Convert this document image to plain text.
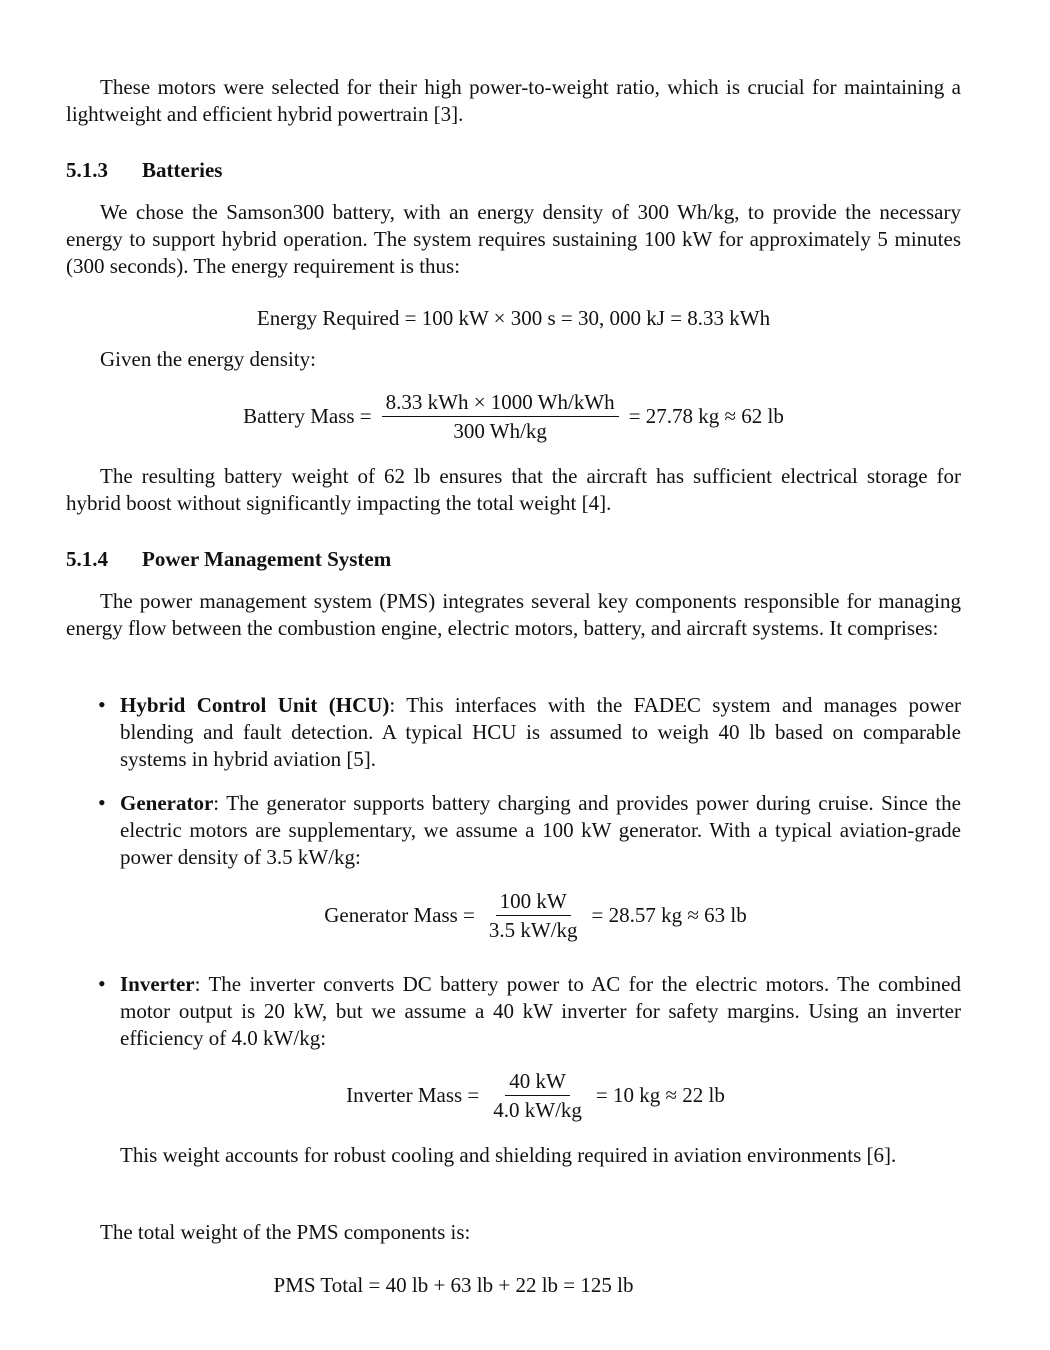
These motors were selected for their high power-to-weight ratio, which is crucial for maintaining a lightweight and efficient hybrid powertrain [3].

5.1.3 Batteries

We chose the Samson300 battery, with an energy density of 300 Wh/kg, to provide the necessary energy to support hybrid operation. The system requires sustaining 100 kW for approximately 5 minutes (300 seconds). The energy requirement is thus:

Energy Required = 100 kW × 300 s = 30, 000 kJ = 8.33 kWh

Given the energy density:

Battery Mass = $\frac{\text{8.33 kWh × 1000 Wh/kWh}}{300 Wh/kg} = 27.78$ kg ≈ 62 lb

The resulting battery weight of 62 lb ensures that the aircraft has sufficient electrical storage for hybrid boost without significantly impacting the total weight [4].

5.1.4 Power Management System

The power management system (PMS) integrates several key components responsible for managing energy flow between the combustion engine, electric motors, battery, and aircraft systems. It comprises:

• Hybrid Control Unit (HCU): This interfaces with the FADEC system and manages power blending and fault detection. A typical HCU is assumed to weigh 40 lb based on comparable systems in hybrid aviation [5].

• Generator: The generator supports battery charging and provides power during cruise. Since the electric motors are supplementary, we assume a 100 kW generator. With a typical aviation-grade power density of 3.5 kW/kg:

Generator Mass = $\frac{100 kW}{3.5 kW/kg} = 28.57$ kg ≈ 63 lb
• Inverter: The inverter converts DC battery power to AC for the electric motors. The combined motor output is 20 kW, but we assume a 40 kW inverter for safety margins. Using an inverter efficiency of 4.0 kW/kg:

Inverter Mass = $\frac{40 kW}{4.0 kW/kg} = 10$ kg ≈ 22 lb

This weight accounts for robust cooling and shielding required in aviation environments [6].

The total weight of the PMS components is:

PMS Total = 40 lb + 63 lb + 22 lb = 125 lb
